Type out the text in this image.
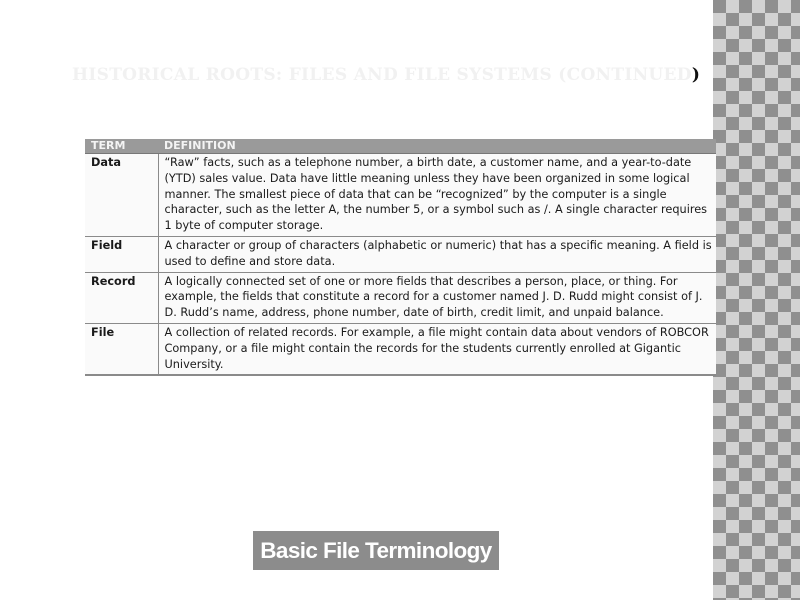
HISTORICAL ROOTS: FILES AND FILE SYSTEMS (CONTINUED)
TERM	DEFINITION
Data	“Raw” facts, such as a telephone number, a birth date, a customer name, and a year-to-date (YTD) sales value. Data have little meaning unless they have been organized in some logical manner. The smallest piece of data that can be “recognized” by the computer is a single character, such as the letter A, the number 5, or a symbol such as /. A single character requires 1 byte of computer storage.
Field	A character or group of characters (alphabetic or numeric) that has a specific meaning. A field is used to define and store data.
Record	A logically connected set of one or more fields that describes a person, place, or thing. For example, the fields that constitute a record for a customer named J. D. Rudd might consist of J. D. Rudd’s name, address, phone number, date of birth, credit limit, and unpaid balance.
File	A collection of related records. For example, a file might contain data about vendors of ROBCOR Company, or a file might contain the records for the students currently enrolled at Gigantic University.
Basic File Terminology
